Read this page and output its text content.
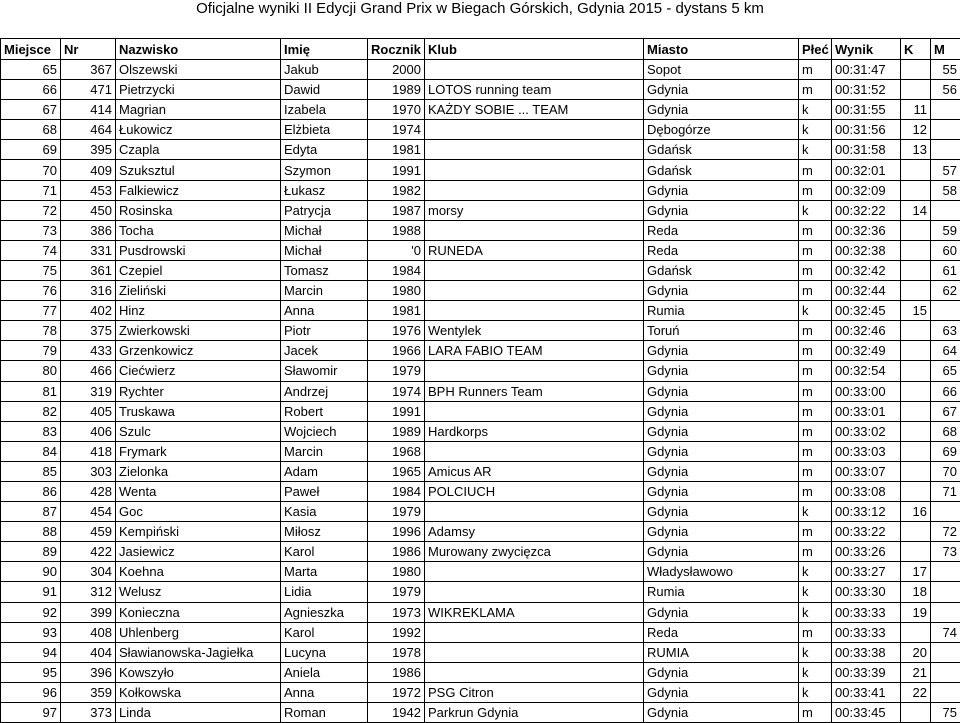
Oficjalne wyniki II Edycji Grand Prix w Biegach Górskich, Gdynia 2015 - dystans 5 km
Miejsce	Nr	Nazwisko	Imię	Rocznik	Klub	Miasto	Płeć	Wynik	K	M
65	367	Olszewski	Jakub	2000		Sopot	m	00:31:47		55
66	471	Pietrzycki	Dawid	1989	LOTOS running team	Gdynia	m	00:31:52		56
67	414	Magrian	Izabela	1970	KAŻDY SOBIE ... TEAM	Gdynia	k	00:31:55	11	
68	464	Łukowicz	Elżbieta	1974		Dębogórze	k	00:31:56	12	
69	395	Czapla	Edyta	1981		Gdańsk	k	00:31:58	13	
70	409	Szuksztul	Szymon	1991		Gdańsk	m	00:32:01		57
71	453	Falkiewicz	Łukasz	1982		Gdynia	m	00:32:09		58
72	450	Rosinska	Patrycja	1987	morsy	Gdynia	k	00:32:22	14	
73	386	Tocha	Michał	1988		Reda	m	00:32:36		59
74	331	Pusdrowski	Michał	'0	RUNEDA	Reda	m	00:32:38		60
75	361	Czepiel	Tomasz	1984		Gdańsk	m	00:32:42		61
76	316	Zieliński	Marcin	1980		Gdynia	m	00:32:44		62
77	402	Hinz	Anna	1981		Rumia	k	00:32:45	15	
78	375	Zwierkowski	Piotr	1976	Wentylek	Toruń	m	00:32:46		63
79	433	Grzenkowicz	Jacek	1966	LARA FABIO TEAM	Gdynia	m	00:32:49		64
80	466	Ciećwierz	Sławomir	1979		Gdynia	m	00:32:54		65
81	319	Rychter	Andrzej	1974	BPH Runners Team	Gdynia	m	00:33:00		66
82	405	Truskawa	Robert	1991		Gdynia	m	00:33:01		67
83	406	Szulc	Wojciech	1989	Hardkorps	Gdynia	m	00:33:02		68
84	418	Frymark	Marcin	1968		Gdynia	m	00:33:03		69
85	303	Zielonka	Adam	1965	Amicus AR	Gdynia	m	00:33:07		70
86	428	Wenta	Paweł	1984	POLCIUCH	Gdynia	m	00:33:08		71
87	454	Goc	Kasia	1979		Gdynia	k	00:33:12	16	
88	459	Kempiński	Miłosz	1996	Adamsy	Gdynia	m	00:33:22		72
89	422	Jasiewicz	Karol	1986	Murowany zwycięzca	Gdynia	m	00:33:26		73
90	304	Koehna	Marta	1980		Władysławowo	k	00:33:27	17	
91	312	Welusz	Lidia	1979		Rumia	k	00:33:30	18	
92	399	Konieczna	Agnieszka	1973	WIKREKLAMA	Gdynia	k	00:33:33	19	
93	408	Uhlenberg	Karol	1992		Reda	m	00:33:33		74
94	404	Sławianowska-Jagiełka	Lucyna	1978		RUMIA	k	00:33:38	20	
95	396	Kowszyło	Aniela	1986		Gdynia	k	00:33:39	21	
96	359	Kołkowska	Anna	1972	PSG Citron	Gdynia	k	00:33:41	22	
97	373	Linda	Roman	1942	Parkrun Gdynia	Gdynia	m	00:33:45		75
